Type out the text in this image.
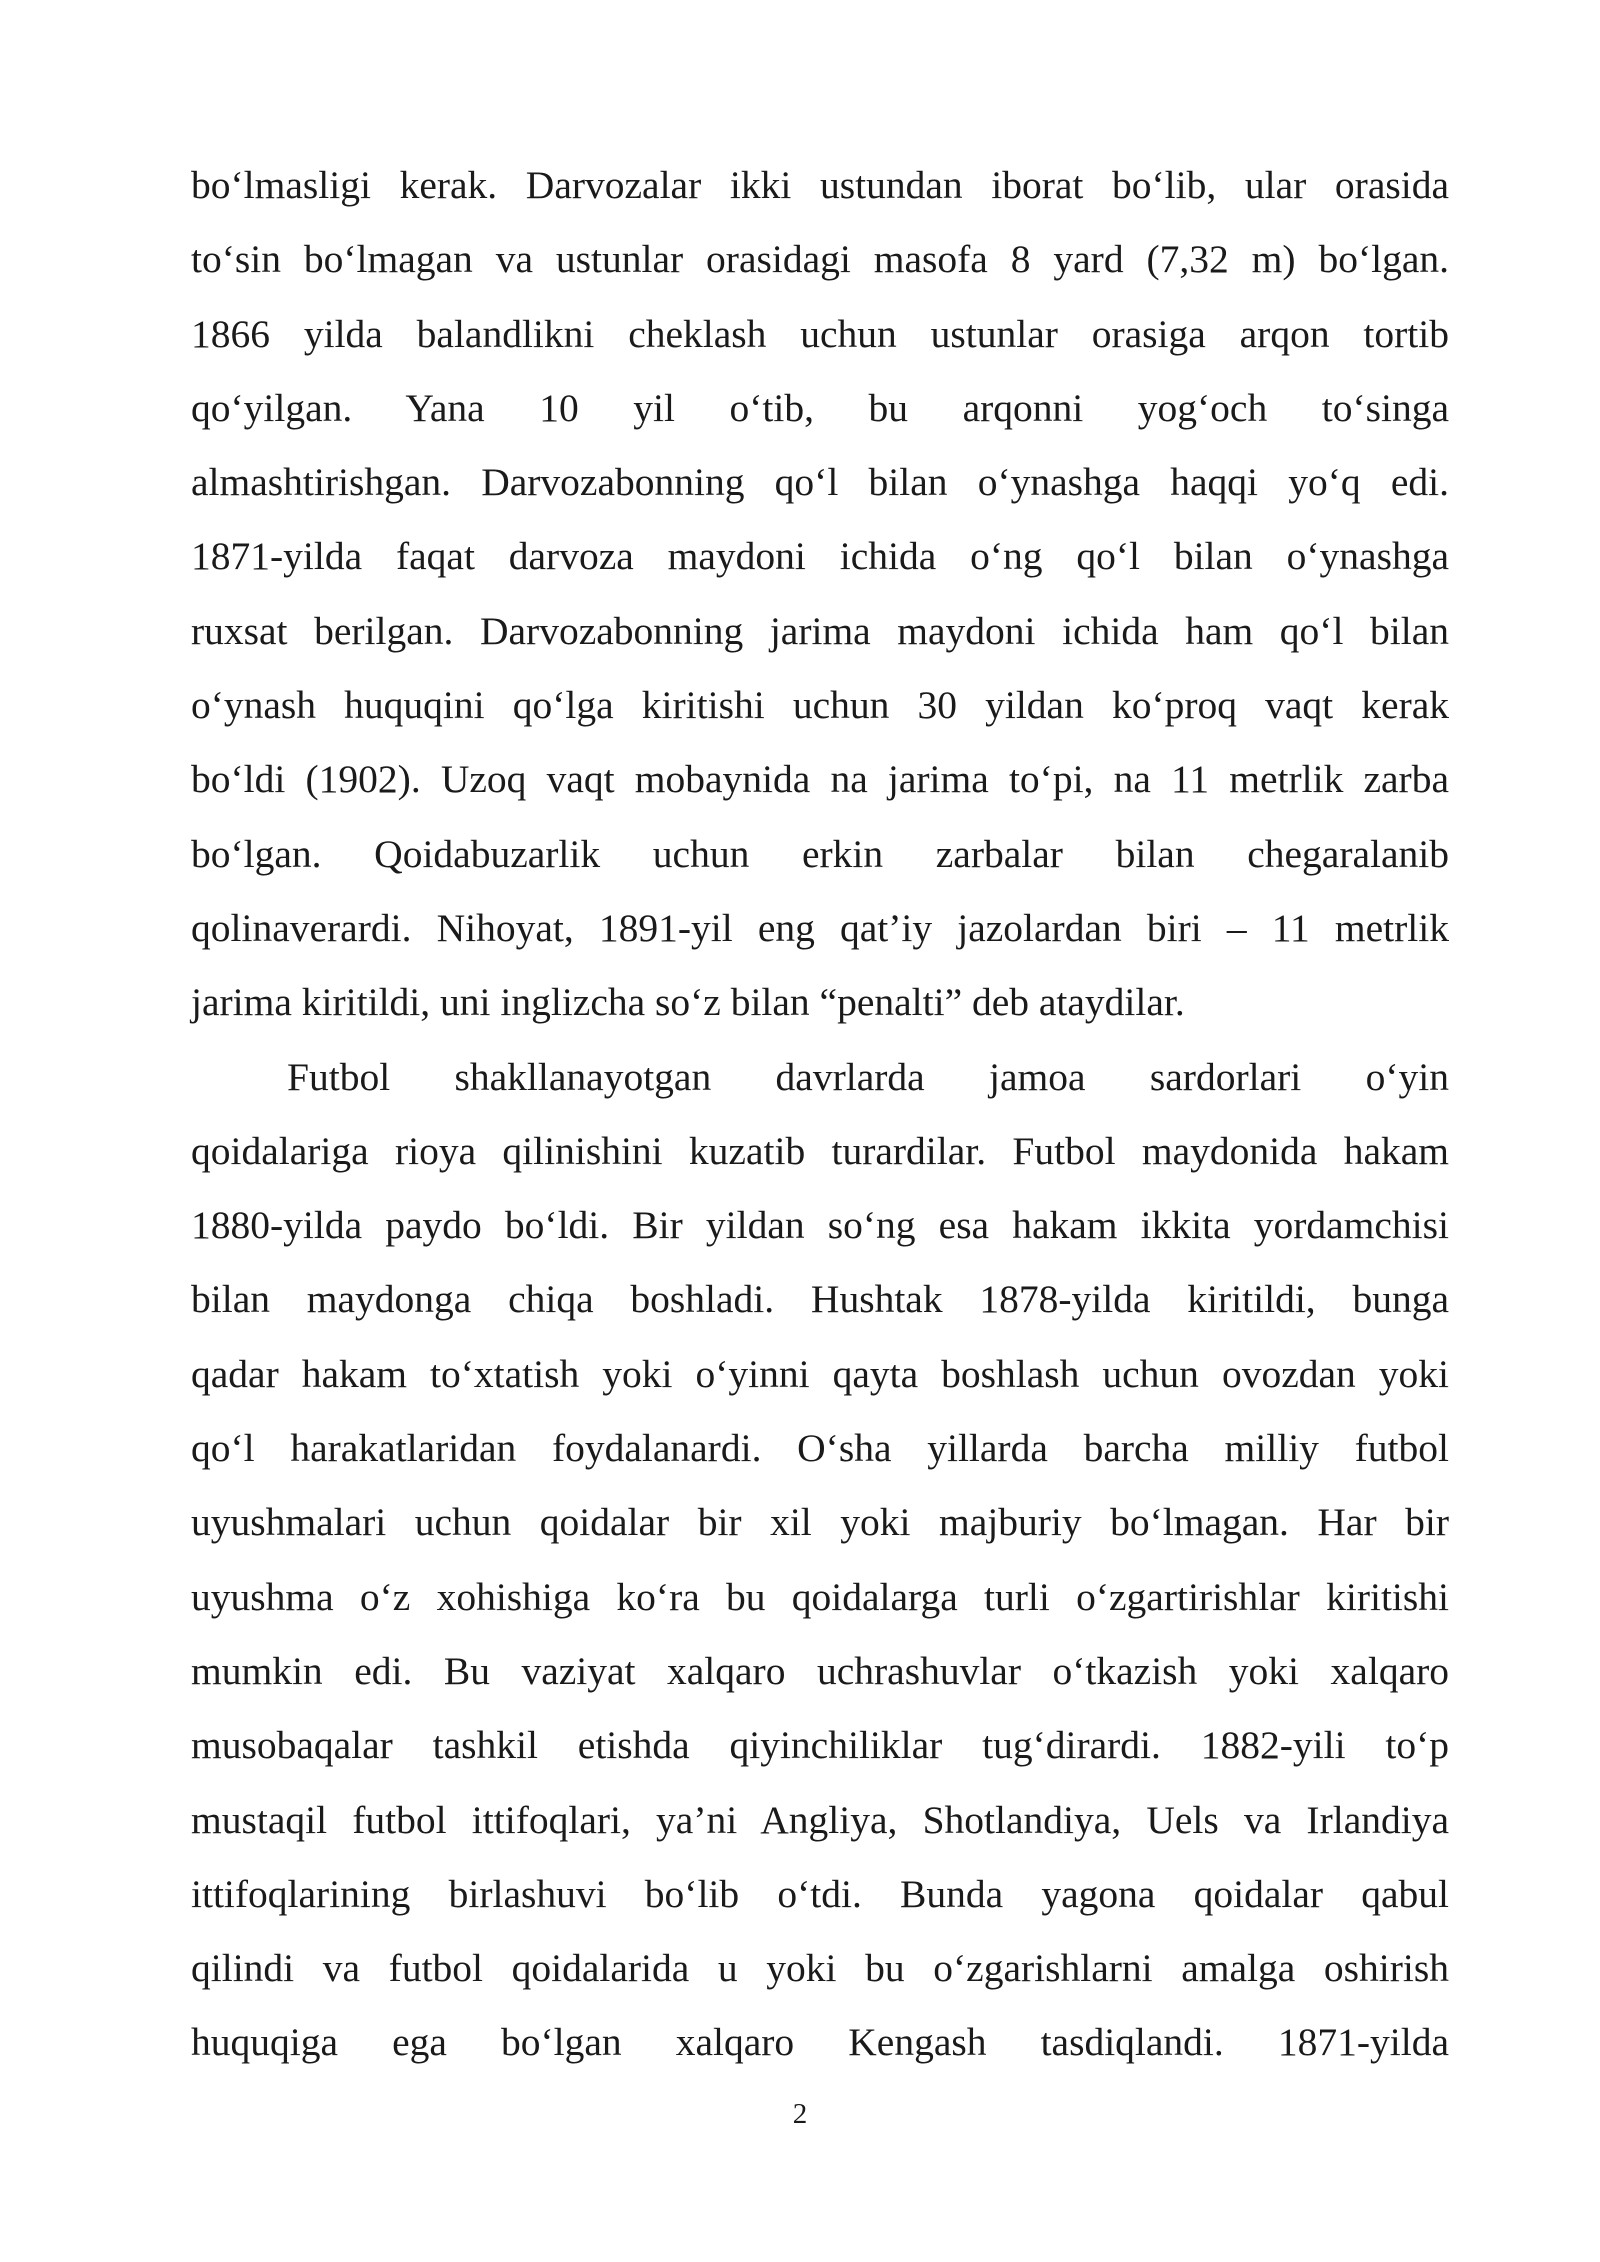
bo‘lmasligi kerak. Darvozalar ikki ustundan iborat bo‘lib, ular orasida
to‘sin bo‘lmagan va ustunlar orasidagi masofa 8 yard (7,32 m) bo‘lgan.
1866 yilda balandlikni cheklash uchun ustunlar orasiga arqon tortib
qo‘yilgan. Yana 10 yil o‘tib, bu arqonni yog‘och to‘singa
almashtirishgan. Darvozabonning qo‘l bilan o‘ynashga haqqi yo‘q edi.
1871-yilda faqat darvoza maydoni ichida o‘ng qo‘l bilan o‘ynashga
ruxsat berilgan. Darvozabonning jarima maydoni ichida ham qo‘l bilan
o‘ynash huquqini qo‘lga kiritishi uchun 30 yildan ko‘proq vaqt kerak
bo‘ldi (1902). Uzoq vaqt mobaynida na jarima to‘pi, na 11 metrlik zarba
bo‘lgan. Qoidabuzarlik uchun erkin zarbalar bilan chegaralanib
qolinaverardi. Nihoyat, 1891-yil eng qat’iy jazolardan biri – 11 metrlik
jarima kiritildi, uni inglizcha so‘z bilan “penalti” deb ataydilar.
Futbol shakllanayotgan davrlarda jamoa sardorlari o‘yin
qoidalariga rioya qilinishini kuzatib turardilar. Futbol maydonida hakam
1880-yilda paydo bo‘ldi. Bir yildan so‘ng esa hakam ikkita yordamchisi
bilan maydonga chiqa boshladi. Hushtak 1878-yilda kiritildi, bunga
qadar hakam to‘xtatish yoki o‘yinni qayta boshlash uchun ovozdan yoki
qo‘l harakatlaridan foydalanardi. O‘sha yillarda barcha milliy futbol
uyushmalari uchun qoidalar bir xil yoki majburiy bo‘lmagan. Har bir
uyushma o‘z xohishiga ko‘ra bu qoidalarga turli o‘zgartirishlar kiritishi
mumkin edi. Bu vaziyat xalqaro uchrashuvlar o‘tkazish yoki xalqaro
musobaqalar tashkil etishda qiyinchiliklar tug‘dirardi. 1882-yili to‘p
mustaqil futbol ittifoqlari, ya’ni Angliya, Shotlandiya, Uels va Irlandiya
ittifoqlarining birlashuvi bo‘lib o‘tdi. Bunda yagona qoidalar qabul
qilindi va futbol qoidalarida u yoki bu o‘zgarishlarni amalga oshirish
huquqiga ega bo‘lgan xalqaro Kengash tasdiqlandi. 1871-yilda
2
